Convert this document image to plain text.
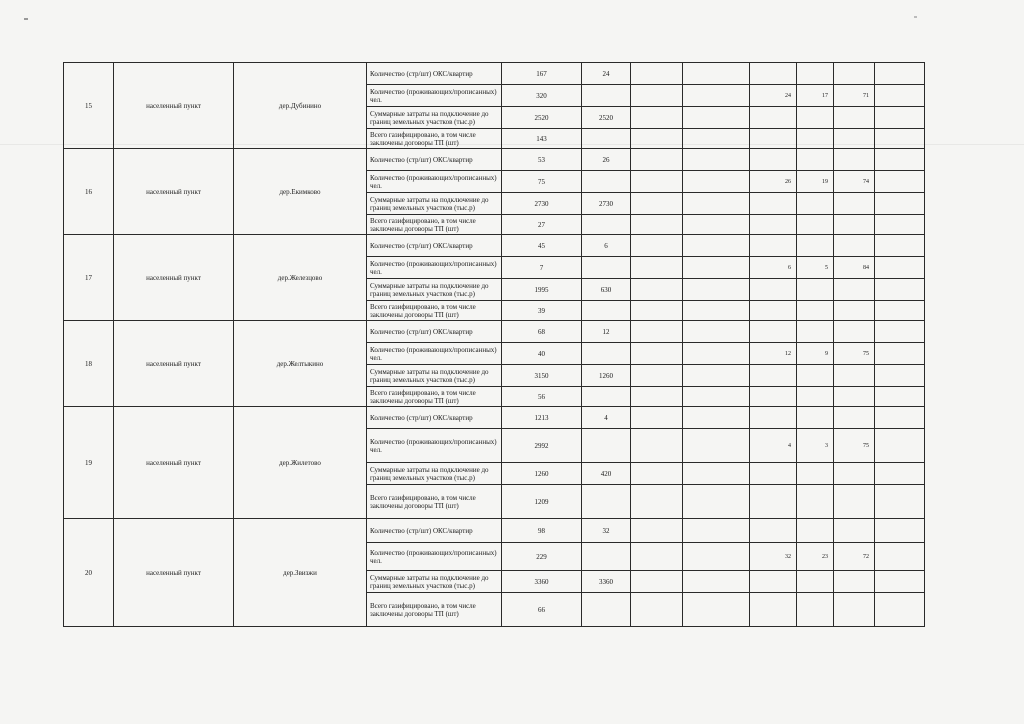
15	населенный пункт	дер.Дубинино	Количество (стр/шт) ОКС/квартир	167	24						
			Количество (проживающих/прописанных) чел.	320				24	17	71	

			Суммарные затраты на подключение до границ земельных участков (тыс.р)	2520	2520						
			Всего газифицировано, в том числе заключены договоры ТП (шт)	143							
16	населенный пункт	дер.Екимково	Количество (стр/шт) ОКС/квартир	53	26						
			Количество (проживающих/прописанных) чел.	75				26	19	74	

			Суммарные затраты на подключение до границ земельных участков (тыс.р)	2730	2730						
			Всего газифицировано, в том числе заключены договоры ТП (шт)	27							
17	населенный пункт	дер.Железцово	Количество (стр/шт) ОКС/квартир	45	6						
			Количество (проживающих/прописанных) чел.	7				6	5	84	

			Суммарные затраты на подключение до границ земельных участков (тыс.р)	1995	630						
			Всего газифицировано, в том числе заключены договоры ТП (шт)	39							
18	населенный пункт	дер.Желтыкино	Количество (стр/шт) ОКС/квартир	68	12						
			Количество (проживающих/прописанных) чел.	40				12	9	75	

			Суммарные затраты на подключение до границ земельных участков (тыс.р)	3150	1260						
			Всего газифицировано, в том числе заключены договоры ТП (шт)	56							
19	населенный пункт	дер.Жилетово	Количество (стр/шт) ОКС/квартир	1213	4						
			Количество (проживающих/прописанных) чел.	2992				4	3	75	

			Суммарные затраты на подключение до границ земельных участков (тыс.р)	1260	420						
			Всего газифицировано, в том числе заключены договоры ТП (шт)	1209							
20	населенный пункт	дер.Звизжи	Количество (стр/шт) ОКС/квартир	98	32						
			Количество (проживающих/прописанных) чел.	229				32	23	72	

			Суммарные затраты на подключение до границ земельных участков (тыс.р)	3360	3360						
			Всего газифицировано, в том числе заключены договоры ТП (шт)	66							
